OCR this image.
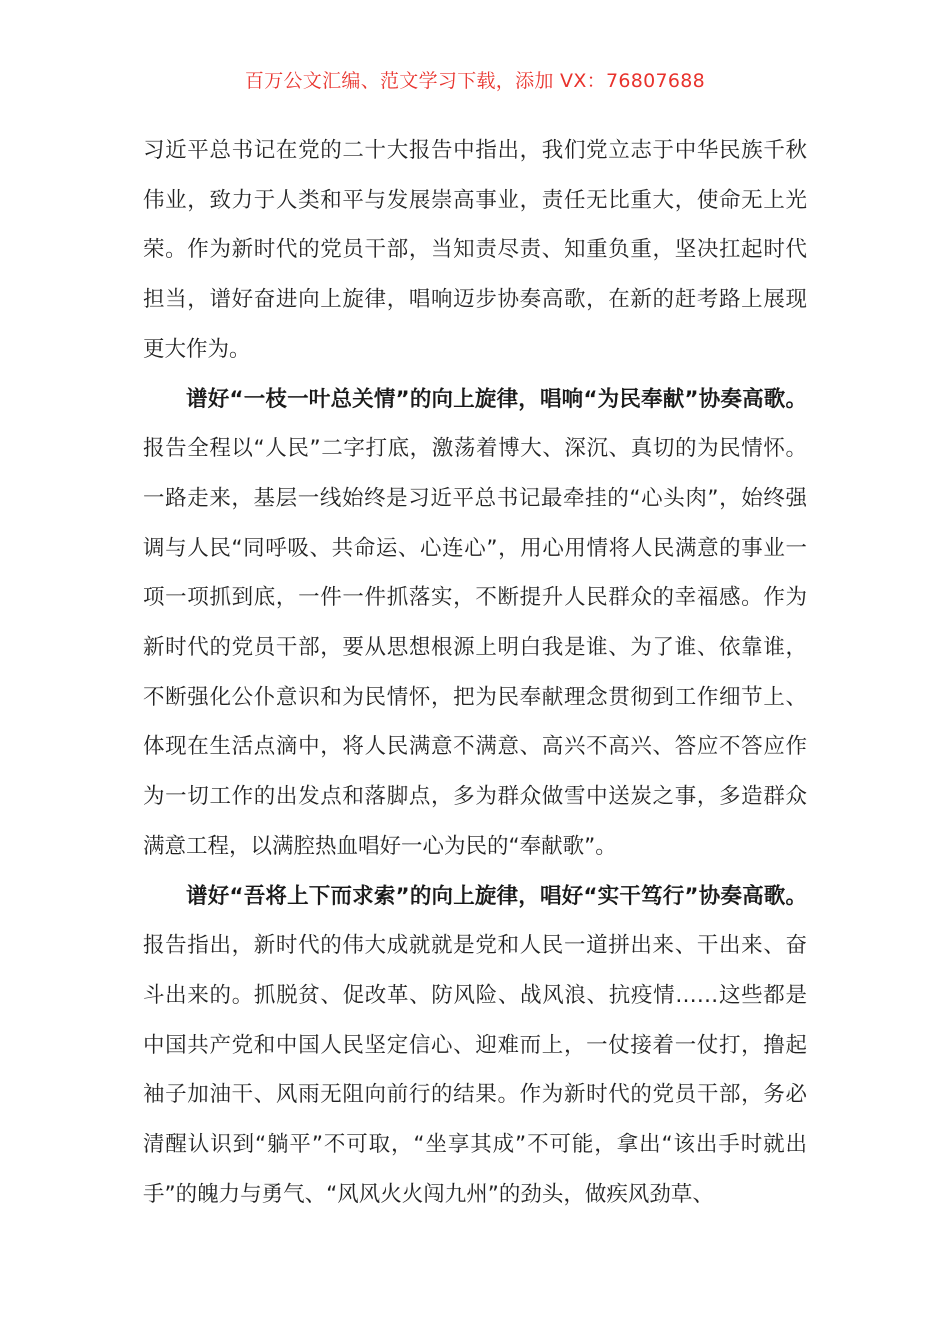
百万公文汇编、范文学习下载，添加 VX：76807688

习近平总书记在党的二十大报告中指出，我们党立志于中华民族千秋伟业，致力于人类和平与发展崇高事业，责任无比重大，使命无上光荣。作为新时代的党员干部，当知责尽责、知重负重，坚决扛起时代担当，谱好奋进向上旋律，唱响迈步协奏高歌，在新的赶考路上展现更大作为。

谱好“一枝一叶总关情”的向上旋律，唱响“为民奉献”协奏高歌。报告全程以“人民”二字打底，激荡着博大、深沉、真切的为民情怀。一路走来，基层一线始终是习近平总书记最牵挂的“心头肉”，始终强调与人民“同呼吸、共命运、心连心”，用心用情将人民满意的事业一项一项抓到底，一件一件抓落实，不断提升人民群众的幸福感。作为新时代的党员干部，要从思想根源上明白我是谁、为了谁、依靠谁，不断强化公仆意识和为民情怀，把为民奉献理念贯彻到工作细节上、体现在生活点滴中，将人民满意不满意、高兴不高兴、答应不答应作为一切工作的出发点和落脚点，多为群众做雪中送炭之事，多造群众满意工程，以满腔热血唱好一心为民的“奉献歌”。

谱好“吾将上下而求索”的向上旋律，唱好“实干笃行”协奏高歌。报告指出，新时代的伟大成就就是党和人民一道拼出来、干出来、奋斗出来的。抓脱贫、促改革、防风险、战风浪、抗疫情……这些都是中国共产党和中国人民坚定信心、迎难而上，一仗接着一仗打，撸起袖子加油干、风雨无阻向前行的结果。作为新时代的党员干部，务必清醒认识到“躺平”不可取，“坐享其成”不可能，拿出“该出手时就出手”的魄力与勇气、“风风火火闯九州”的劲头，做疾风劲草、
